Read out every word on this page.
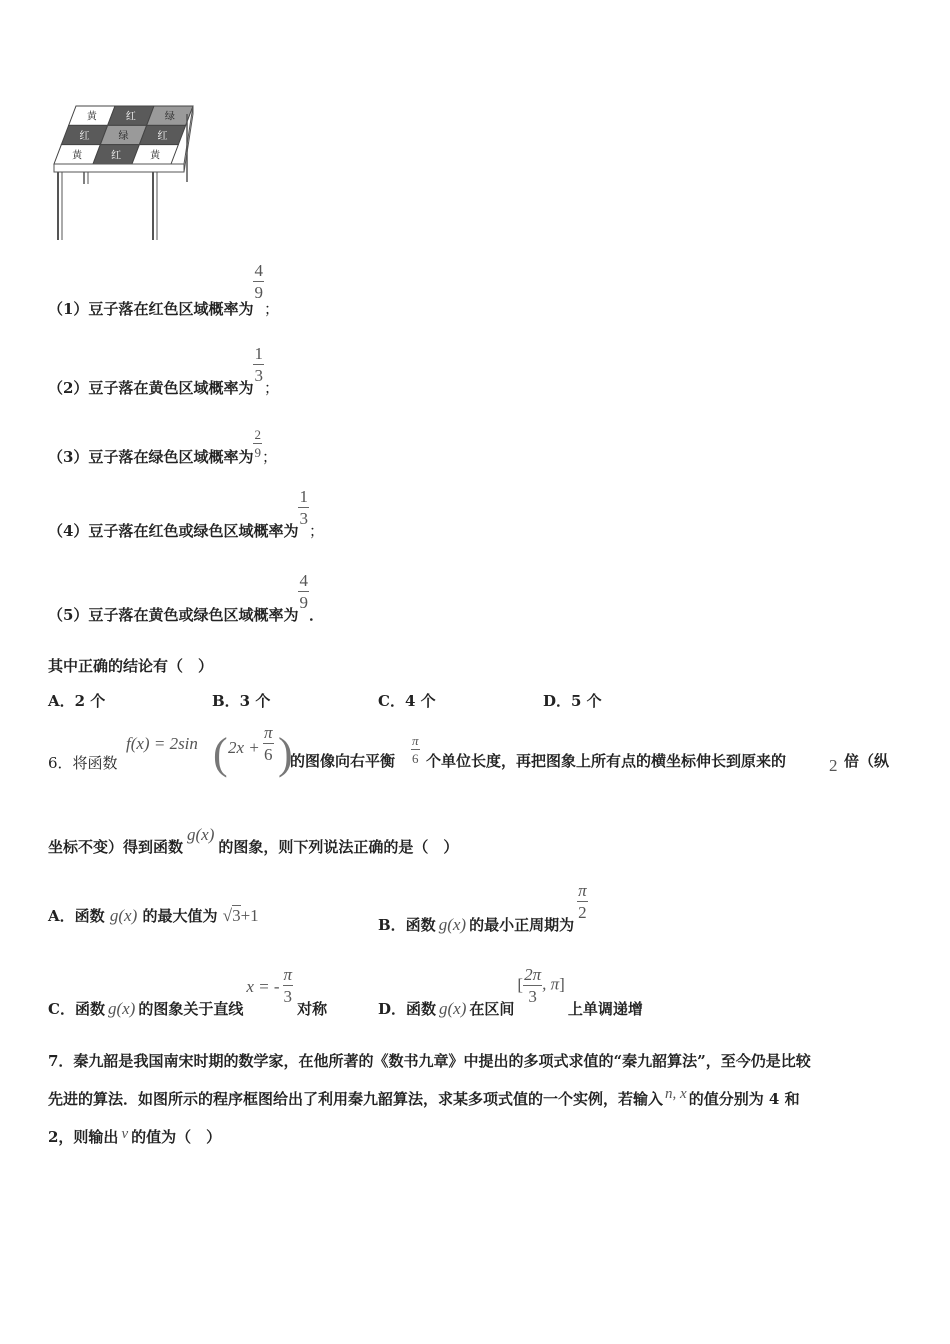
黄	红	绿
红	绿	红
黄	红	黄
（1）豆子落在红色区域概率为
$\frac{4}{9}$
；
（2）豆子落在黄色区域概率为
$\frac{1}{3}$
；
（3）豆子落在绿色区域概率为 $\frac{2}{9}$ ；
（4）豆子落在红色或绿色区域概率为
$\frac{1}{3}$
；
（5）豆子落在黄色或绿色区域概率为
$\frac{4}{9}$
．
其中正确的结论有（　）
A．2 个	B．3 个	C．4 个	D．5 个
6．将函数
f(x) = 2sin ( $2x + \frac{\pi}{6}$ )
的图像向右平衡 $\frac{\pi}{6}$ 个单位长度，再把图象上所有点的横坐标伸长到原来的	2 倍（纵
坐标不变）得到函数g(x)的图象，则下列说法正确的是（　）
A．函数 g(x) 的最大值为 √3+1	B．函数 g(x) 的最小正周期为
$\frac{\pi}{2}$
C．函数 g(x) 的图象关于直线x = - $\frac{\pi}{3}$
对称	D．函数 g(x) 在区间[ $\frac{2\pi}{3}$ , π]上单调递增
7．秦九韶是我国南宋时期的数学家，在他所著的《数书九章》中提出的多项式求值的“秦九韶算法”，至今仍是比较
先进的算法．如图所示的程序框图给出了利用秦九韶算法，求某多项式值的一个实例，若输入 n, x 的值分别为 4 和
2，则输出 v 的值为（　）
